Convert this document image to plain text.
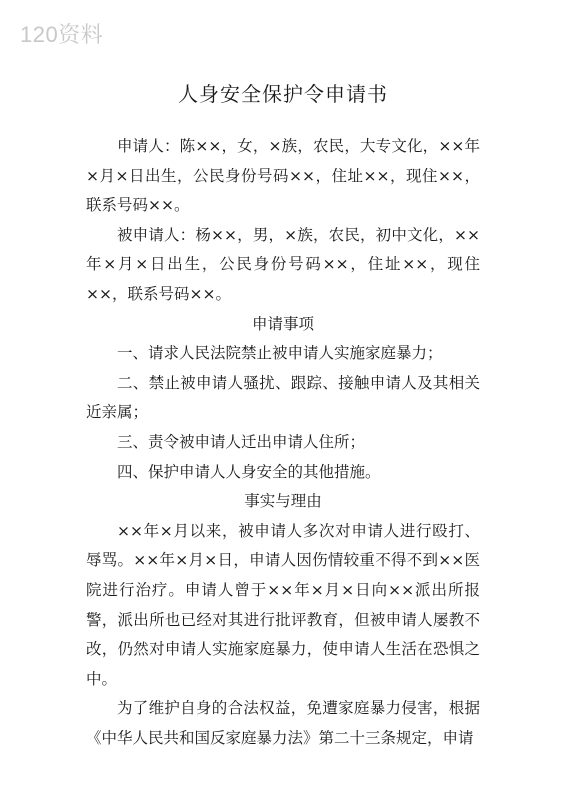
120资料
人身安全保护令申请书

申请人：陈××，女，×族，农民，大专文化，××年×月×日出生，公民身份号码××，住址××，现住××，联系号码××。

被申请人：杨××，男，×族，农民，初中文化，××年×月×日出生，公民身份号码××，住址××，现住××，联系号码××。

申请事项

一、请求人民法院禁止被申请人实施家庭暴力；

二、禁止被申请人骚扰、跟踪、接触申请人及其相关近亲属；

三、责令被申请人迁出申请人住所；

四、保护申请人人身安全的其他措施。

事实与理由

××年×月以来，被申请人多次对申请人进行殴打、辱骂。××年×月×日，申请人因伤情较重不得不到××医院进行治疗。申请人曾于××年×月×日向××派出所报警，派出所也已经对其进行批评教育，但被申请人屡教不改，仍然对申请人实施家庭暴力，使申请人生活在恐惧之中。

为了维护自身的合法权益，免遭家庭暴力侵害，根据《中华人民共和国反家庭暴力法》第二十三条规定，申请
